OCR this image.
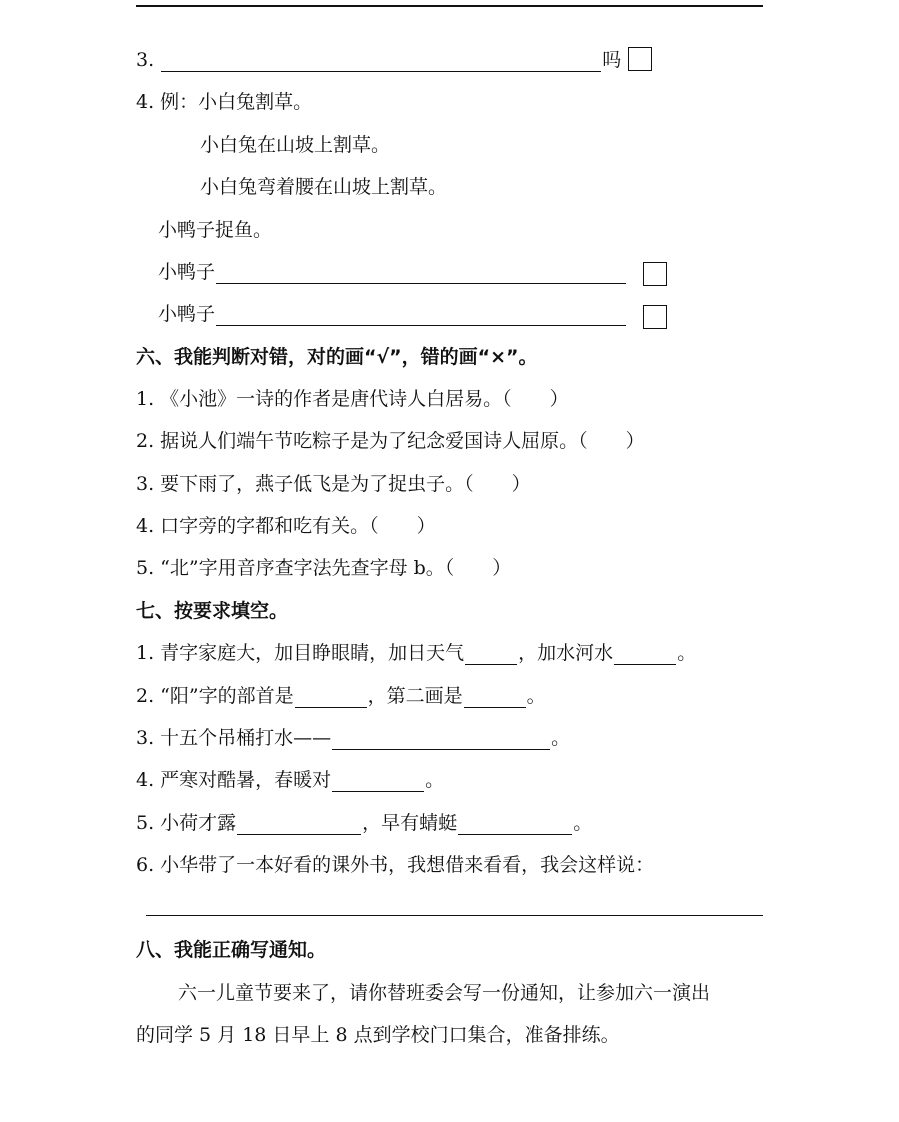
3.	吗
4. 例：小白兔割草。
小白兔在山坡上割草。
小白兔弯着腰在山坡上割草。
小鸭子捉鱼。
小鸭子
小鸭子
六、我能判断对错，对的画“√”，错的画“×”。
1. 《小池》一诗的作者是唐代诗人白居易。（　　）
2. 据说人们端午节吃粽子是为了纪念爱国诗人屈原。（　　）
3. 要下雨了，燕子低飞是为了捉虫子。（　　）
4. 口字旁的字都和吃有关。（　　）
5. “北”字用音序查字法先查字母 b。（　　）
七、按要求填空。
1. 青字家庭大，加目睁眼睛，加日天气	，加水河水	。
2. “阳”字的部首是	，第二画是	。
3. 十五个吊桶打水——	。
4. 严寒对酷暑，春暖对	。
5. 小荷才露	，早有蜻蜓	。
6. 小华带了一本好看的课外书，我想借来看看，我会这样说：
八、我能正确写通知。
六一儿童节要来了，请你替班委会写一份通知，让参加六一演出
的同学 5 月 18 日早上 8 点到学校门口集合，准备排练。
